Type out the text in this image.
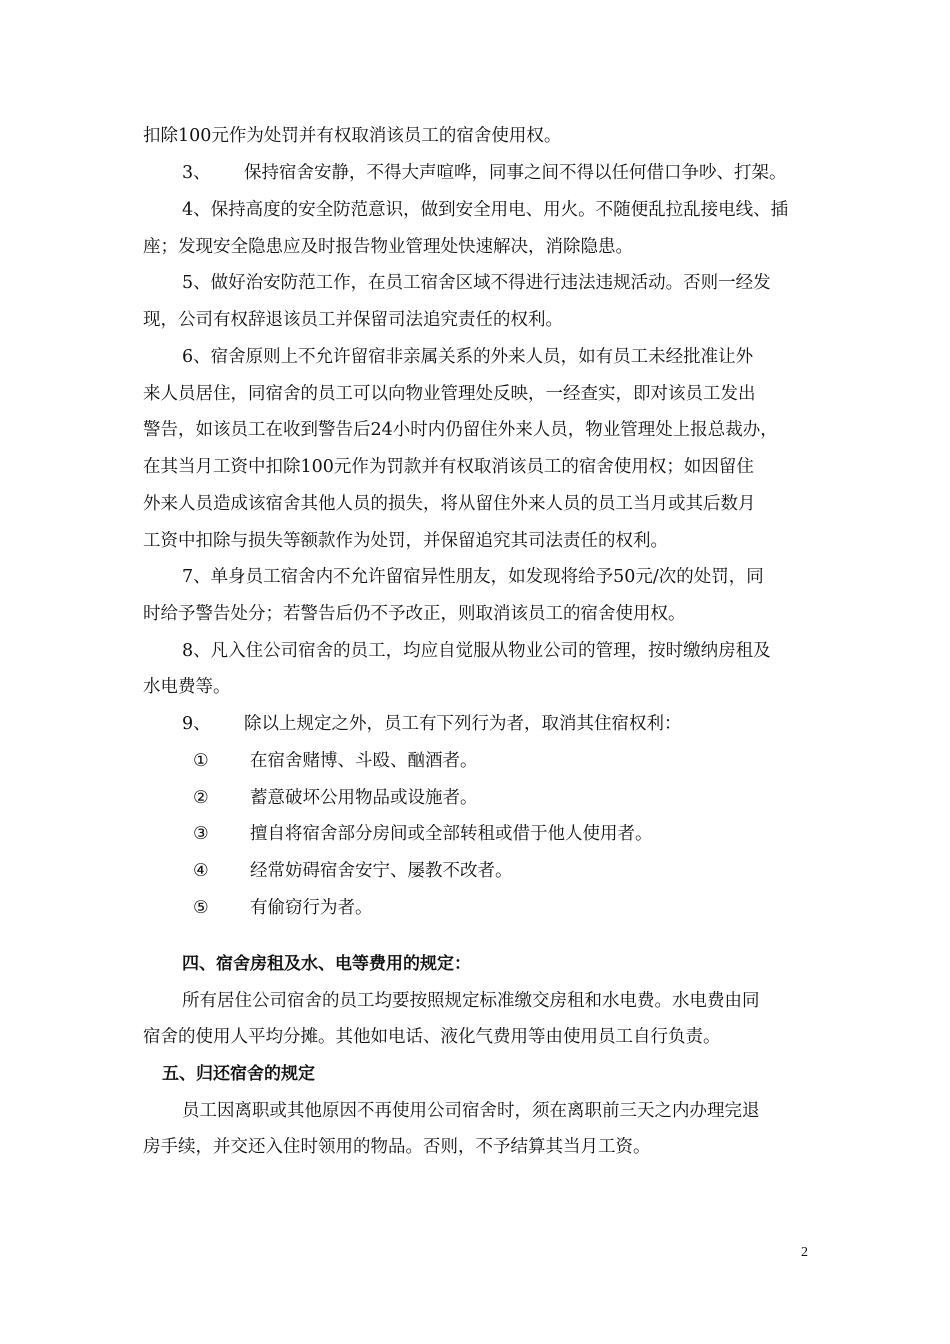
扣除100元作为处罚并有权取消该员工的宿舍使用权。
3、 保持宿舍安静，不得大声喧哗，同事之间不得以任何借口争吵、打架。
4、保持高度的安全防范意识，做到安全用电、用火。不随便乱拉乱接电线、插
座；发现安全隐患应及时报告物业管理处快速解决，消除隐患。
5、做好治安防范工作，在员工宿舍区域不得进行违法违规活动。否则一经发
现，公司有权辞退该员工并保留司法追究责任的权利。
6、宿舍原则上不允许留宿非亲属关系的外来人员，如有员工未经批准让外
来人员居住，同宿舍的员工可以向物业管理处反映，一经查实，即对该员工发出
警告，如该员工在收到警告后24小时内仍留住外来人员，物业管理处上报总裁办，
在其当月工资中扣除100元作为罚款并有权取消该员工的宿舍使用权；如因留住
外来人员造成该宿舍其他人员的损失，将从留住外来人员的员工当月或其后数月
工资中扣除与损失等额款作为处罚，并保留追究其司法责任的权利。
7、单身员工宿舍内不允许留宿异性朋友，如发现将给予50元/次的处罚，同
时给予警告处分；若警告后仍不予改正，则取消该员工的宿舍使用权。
8、凡入住公司宿舍的员工，均应自觉服从物业公司的管理，按时缴纳房租及
水电费等。
9、 除以上规定之外，员工有下列行为者，取消其住宿权利：
① 在宿舍赌博、斗殴、酗酒者。
② 蓄意破坏公用物品或设施者。
③ 擅自将宿舍部分房间或全部转租或借于他人使用者。
④ 经常妨碍宿舍安宁、屡教不改者。
⑤ 有偷窃行为者。
四、宿舍房租及水、电等费用的规定：
所有居住公司宿舍的员工均要按照规定标准缴交房租和水电费。水电费由同
宿舍的使用人平均分摊。其他如电话、液化气费用等由使用员工自行负责。
五、归还宿舍的规定
员工因离职或其他原因不再使用公司宿舍时，须在离职前三天之内办理完退
房手续，并交还入住时领用的物品。否则，不予结算其当月工资。
2
